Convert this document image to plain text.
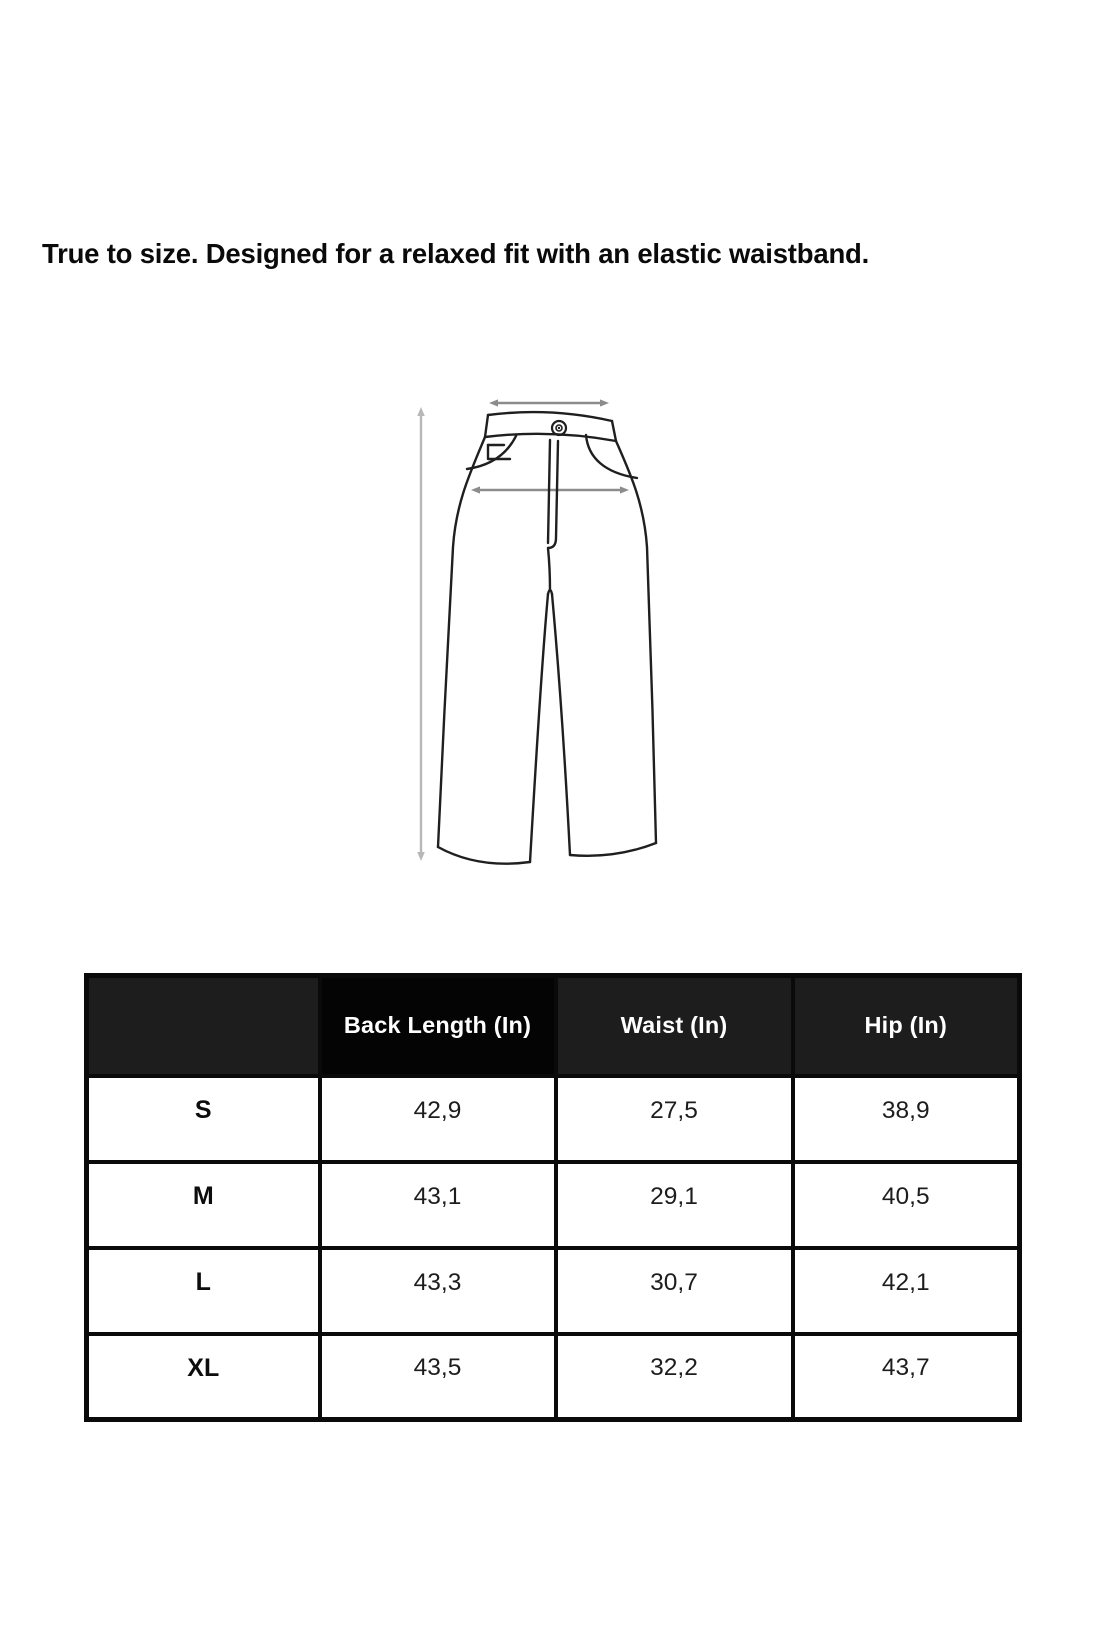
True to size. Designed for a relaxed fit with an elastic waistband.
	Back Length (In)	Waist (In)	Hip (In)
S	42,9	27,5	38,9
M	43,1	29,1	40,5
L	43,3	30,7	42,1
XL	43,5	32,2	43,7
